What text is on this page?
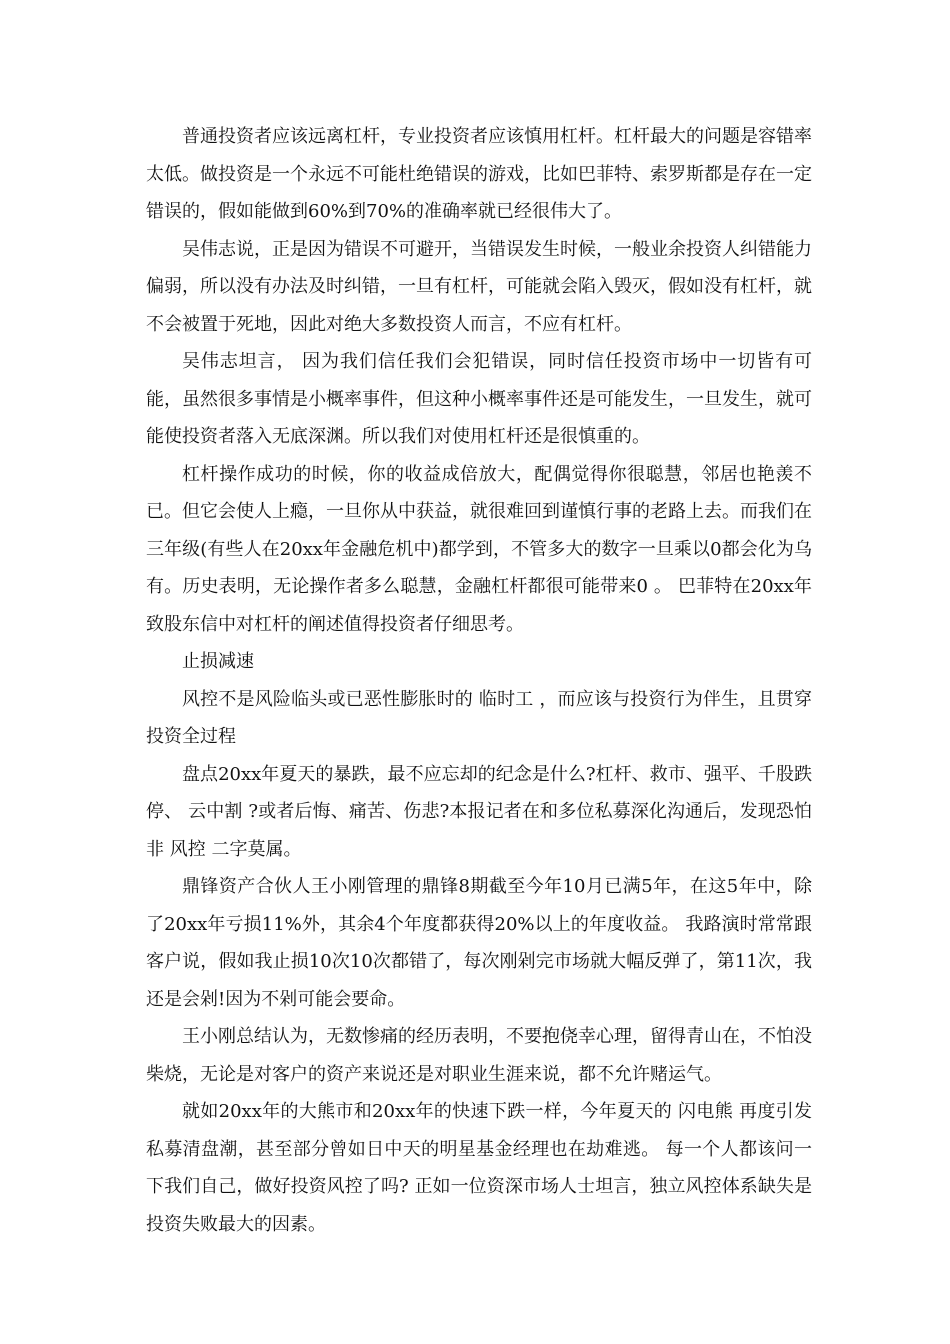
普通投资者应该远离杠杆，专业投资者应该慎用杠杆。杠杆最大的问题是容错率太低。做投资是一个永远不可能杜绝错误的游戏，比如巴菲特、索罗斯都是存在一定错误的，假如能做到60%到70%的准确率就已经很伟大了。

吴伟志说，正是因为错误不可避开，当错误发生时候，一般业余投资人纠错能力偏弱，所以没有办法及时纠错，一旦有杠杆，可能就会陷入毁灭，假如没有杠杆，就不会被置于死地，因此对绝大多数投资人而言，不应有杠杆。

吴伟志坦言， 因为我们信任我们会犯错误，同时信任投资市场中一切皆有可能，虽然很多事情是小概率事件，但这种小概率事件还是可能发生，一旦发生，就可能使投资者落入无底深渊。所以我们对使用杠杆还是很慎重的。

杠杆操作成功的时候，你的收益成倍放大，配偶觉得你很聪慧，邻居也艳羡不已。但它会使人上瘾，一旦你从中获益，就很难回到谨慎行事的老路上去。而我们在三年级(有些人在20xx年金融危机中)都学到，不管多大的数字一旦乘以0都会化为乌有。历史表明，无论操作者多么聪慧，金融杠杆都很可能带来0 。 巴菲特在20xx年致股东信中对杠杆的阐述值得投资者仔细思考。

止损减速

风控不是风险临头或已恶性膨胀时的 临时工 ，而应该与投资行为伴生，且贯穿投资全过程

盘点20xx年夏天的暴跌，最不应忘却的纪念是什么?杠杆、救市、强平、千股跌停、 云中割 ?或者后悔、痛苦、伤悲?本报记者在和多位私募深化沟通后，发现恐怕非 风控 二字莫属。

鼎锋资产合伙人王小刚管理的鼎锋8期截至今年10月已满5年，在这5年中，除了20xx年亏损11%外，其余4个年度都获得20%以上的年度收益。 我路演时常常跟客户说，假如我止损10次10次都错了，每次刚剁完市场就大幅反弹了，第11次，我还是会剁!因为不剁可能会要命。

王小刚总结认为，无数惨痛的经历表明，不要抱侥幸心理，留得青山在，不怕没柴烧，无论是对客户的资产来说还是对职业生涯来说，都不允许赌运气。

就如20xx年的大熊市和20xx年的快速下跌一样，今年夏天的 闪电熊 再度引发私募清盘潮，甚至部分曾如日中天的明星基金经理也在劫难逃。 每一个人都该问一下我们自己，做好投资风控了吗? 正如一位资深市场人士坦言，独立风控体系缺失是投资失败最大的因素。
